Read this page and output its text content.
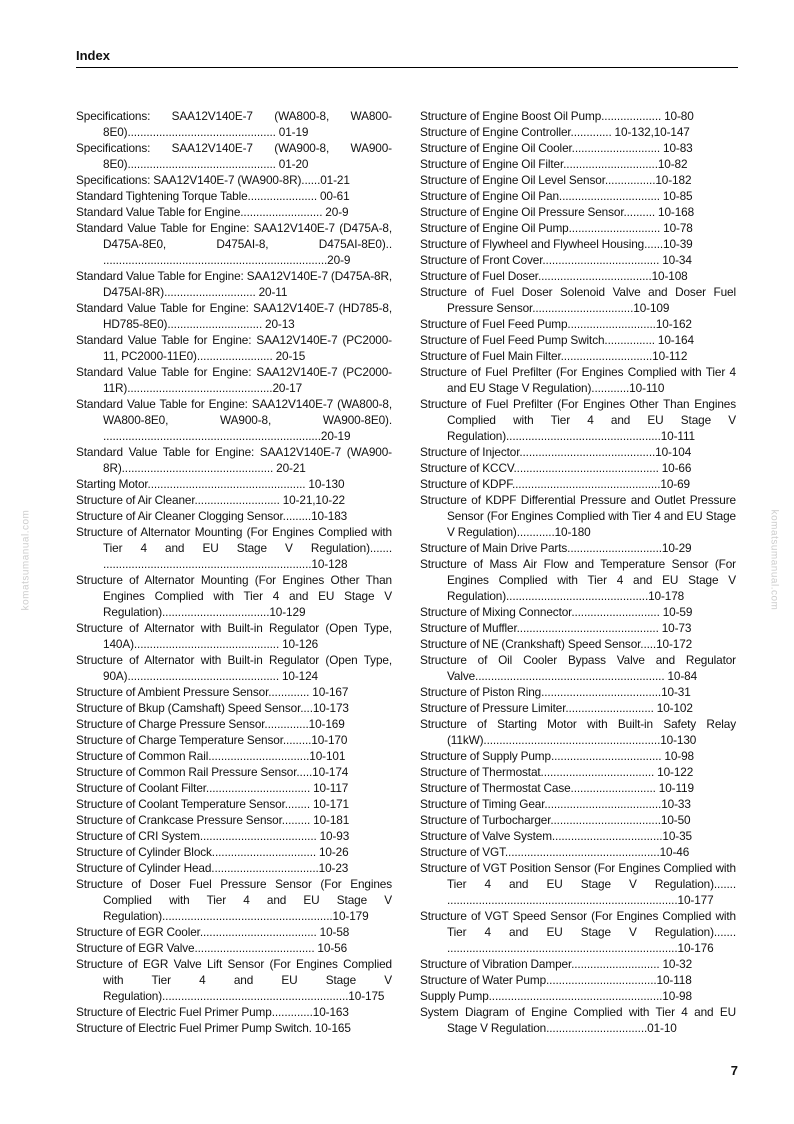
Index
Specifications: SAA12V140E-7 (WA800-8, WA800-8E0)............................................... 01-19
Specifications: SAA12V140E-7 (WA900-8, WA900-8E0)............................................... 01-20
Specifications: SAA12V140E-7 (WA900-8R)......01-21
Standard Tightening Torque Table...................... 00-61
Standard Value Table for Engine.......................... 20-9
Standard Value Table for Engine: SAA12V140E-7 (D475A-8, D475A-8E0, D475AI-8, D475AI-8E0).. .......................................................................20-9
Standard Value Table for Engine: SAA12V140E-7 (D475A-8R, D475AI-8R)............................. 20-11
Standard Value Table for Engine: SAA12V140E-7 (HD785-8, HD785-8E0).............................. 20-13
Standard Value Table for Engine: SAA12V140E-7 (PC2000-11, PC2000-11E0)........................ 20-15
Standard Value Table for Engine: SAA12V140E-7 (PC2000-11R)..............................................20-17
Standard Value Table for Engine: SAA12V140E-7 (WA800-8, WA800-8E0, WA900-8, WA900-8E0). .....................................................................20-19
Standard Value Table for Engine: SAA12V140E-7 (WA900-8R)................................................ 20-21
Starting Motor.................................................. 10-130
Structure of Air Cleaner........................... 10-21,10-22
Structure of Air Cleaner Clogging Sensor.........10-183
Structure of Alternator Mounting (For Engines Complied with Tier 4 and EU Stage V Regulation)....... ..................................................................10-128
Structure of Alternator Mounting (For Engines Other Than Engines Complied with Tier 4 and EU Stage V Regulation)..................................10-129
Structure of Alternator with Built-in Regulator (Open Type, 140A).............................................. 10-126
Structure of Alternator with Built-in Regulator (Open Type, 90A)................................................ 10-124
Structure of Ambient Pressure Sensor............. 10-167
Structure of Bkup (Camshaft) Speed Sensor....10-173
Structure of Charge Pressure Sensor..............10-169
Structure of Charge Temperature Sensor.........10-170
Structure of Common Rail................................10-101
Structure of Common Rail Pressure Sensor.....10-174
Structure of Coolant Filter................................. 10-117
Structure of Coolant Temperature Sensor........ 10-171
Structure of Crankcase Pressure Sensor......... 10-181
Structure of CRI System..................................... 10-93
Structure of Cylinder Block................................. 10-26
Structure of Cylinder Head..................................10-23
Structure of Doser Fuel Pressure Sensor (For Engines Complied with Tier 4 and EU Stage V Regulation)......................................................10-179
Structure of EGR Cooler..................................... 10-58
Structure of EGR Valve...................................... 10-56
Structure of EGR Valve Lift Sensor (For Engines Complied with Tier 4 and EU Stage V Regulation)...........................................................10-175
Structure of Electric Fuel Primer Pump.............10-163
Structure of Electric Fuel Primer Pump Switch. 10-165
Structure of Engine Boost Oil Pump................... 10-80
Structure of Engine Controller............. 10-132,10-147
Structure of Engine Oil Cooler............................ 10-83
Structure of Engine Oil Filter..............................10-82
Structure of Engine Oil Level Sensor................10-182
Structure of Engine Oil Pan................................ 10-85
Structure of Engine Oil Pressure Sensor.......... 10-168
Structure of Engine Oil Pump............................. 10-78
Structure of Flywheel and Flywheel Housing......10-39
Structure of Front Cover..................................... 10-34
Structure of Fuel Doser....................................10-108
Structure of Fuel Doser Solenoid Valve and Doser Fuel Pressure Sensor................................10-109
Structure of Fuel Feed Pump............................10-162
Structure of Fuel Feed Pump Switch................ 10-164
Structure of Fuel Main Filter.............................10-112
Structure of Fuel Prefilter (For Engines Complied with Tier 4 and EU Stage V Regulation)............10-110
Structure of Fuel Prefilter (For Engines Other Than Engines Complied with Tier 4 and EU Stage V Regulation).................................................10-111
Structure of Injector...........................................10-104
Structure of KCCV.............................................. 10-66
Structure of KDPF...............................................10-69
Structure of KDPF Differential Pressure and Outlet Pressure Sensor (For Engines Complied with Tier 4 and EU Stage V Regulation)............10-180
Structure of Main Drive Parts..............................10-29
Structure of Mass Air Flow and Temperature Sensor (For Engines Complied with Tier 4 and EU Stage V Regulation).............................................10-178
Structure of Mixing Connector............................ 10-59
Structure of Muffler............................................. 10-73
Structure of NE (Crankshaft) Speed Sensor.....10-172
Structure of Oil Cooler Bypass Valve and Regulator Valve............................................................ 10-84
Structure of Piston Ring......................................10-31
Structure of Pressure Limiter............................ 10-102
Structure of Starting Motor with Built-in Safety Relay (11kW)........................................................10-130
Structure of Supply Pump................................... 10-98
Structure of Thermostat.................................... 10-122
Structure of Thermostat Case........................... 10-119
Structure of Timing Gear.....................................10-33
Structure of Turbocharger...................................10-50
Structure of Valve System...................................10-35
Structure of VGT.................................................10-46
Structure of VGT Position Sensor (For Engines Complied with Tier 4 and EU Stage V Regulation)....... .........................................................................10-177
Structure of VGT Speed Sensor (For Engines Complied with Tier 4 and EU Stage V Regulation)....... .........................................................................10-176
Structure of Vibration Damper............................ 10-32
Structure of Water Pump...................................10-118
Supply Pump.......................................................10-98
System Diagram of Engine Complied with Tier 4 and EU Stage V Regulation................................01-10
komatsumanual.com	komatsumanual.com
7
